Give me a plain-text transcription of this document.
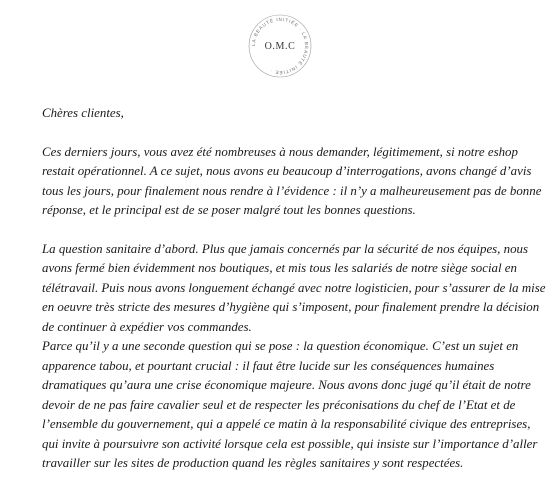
LA BEAUTÉ INITIÉE · LA BEAUTÉ INITIÉE ·
O.M.C

Chères clientes,

Ces derniers jours, vous avez été nombreuses à nous demander, légitimement, si notre eshop restait opérationnel. A ce sujet, nous avons eu beaucoup d’interrogations, avons changé d’avis tous les jours, pour finalement nous rendre à l’évidence : il n’y a malheureusement pas de bonne réponse, et le principal est de se poser malgré tout les bonnes questions.

La question sanitaire d’abord. Plus que jamais concernés par la sécurité de nos équipes, nous avons fermé bien évidemment nos boutiques, et mis tous les salariés de notre siège social en télétravail. Puis nous avons longuement échangé avec notre logisticien, pour s’assurer de la mise en oeuvre très stricte des mesures d’hygiène qui s’imposent, pour finalement prendre la décision de continuer à expédier vos commandes.

Parce qu’il y a une seconde question qui se pose : la question économique. C’est un sujet en apparence tabou, et pourtant crucial : il faut être lucide sur les conséquences humaines dramatiques qu’aura une crise économique majeure. Nous avons donc jugé qu’il était de notre devoir de ne pas faire cavalier seul et de respecter les préconisations du chef de l’Etat et de l’ensemble du gouvernement, qui a appelé ce matin à la responsabilité civique des entreprises, qui invite à poursuivre son activité lorsque cela est possible, qui insiste sur l’importance d’aller travailler sur les sites de production quand les règles sanitaires y sont respectées.
